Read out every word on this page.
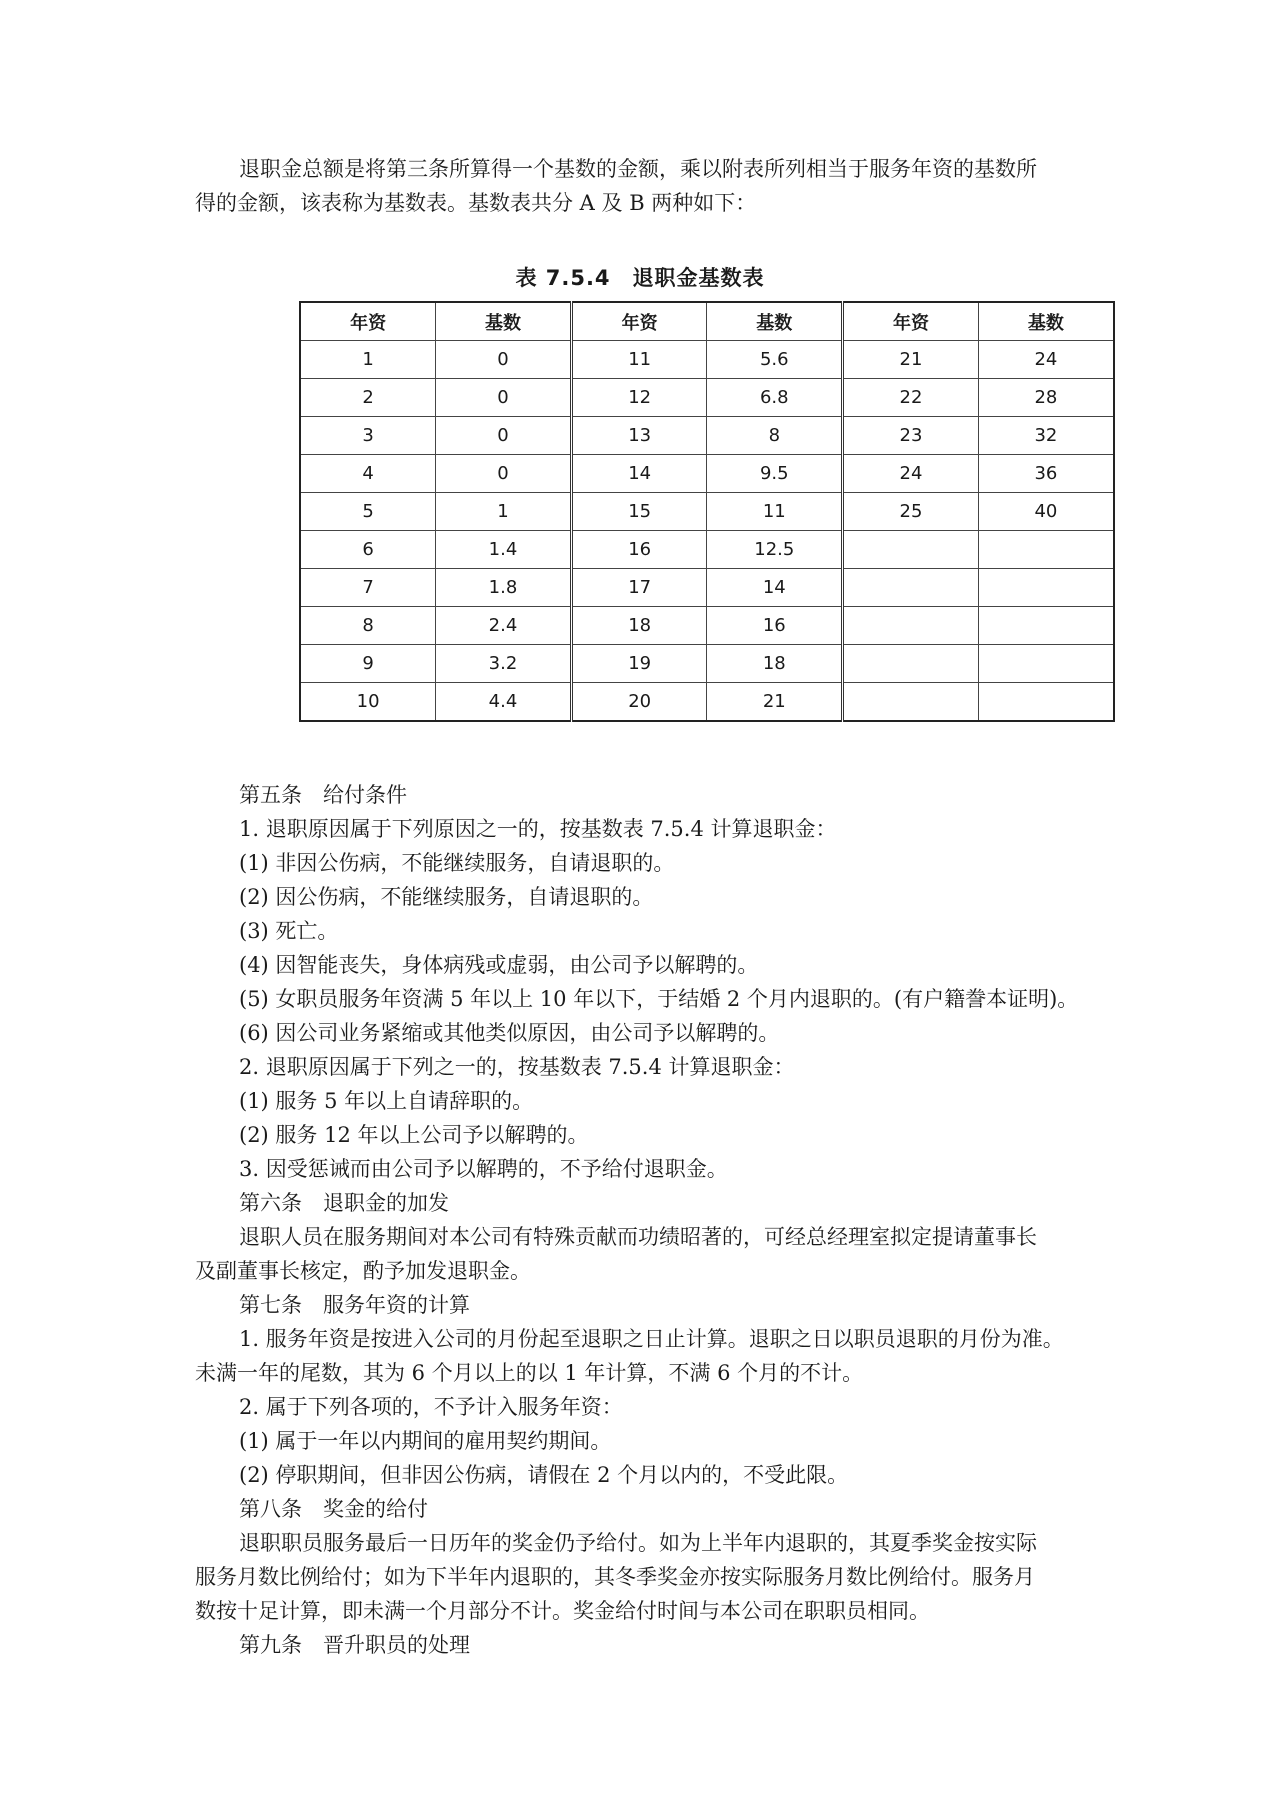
退职金总额是将第三条所算得一个基数的金额，乘以附表所列相当于服务年资的基数所

得的金额，该表称为基数表。基数表共分 A 及 B 两种如下：

表 7.5.4　退职金基数表
年资	基数	年资	基数	年资	基数
1	0	11	5.6	21	24
2	0	12	6.8	22	28
3	0	13	8	23	32
4	0	14	9.5	24	36
5	1	15	11	25	40
6	1.4	16	12.5		
7	1.8	17	14		
8	2.4	18	16		
9	3.2	19	18		
10	4.4	20	21		

第五条　给付条件

1. 退职原因属于下列原因之一的，按基数表 7.5.4 计算退职金：

(1) 非因公伤病，不能继续服务，自请退职的。

(2) 因公伤病，不能继续服务，自请退职的。

(3) 死亡。

(4) 因智能丧失，身体病残或虚弱，由公司予以解聘的。

(5) 女职员服务年资满 5 年以上 10 年以下，于结婚 2 个月内退职的。(有户籍誊本证明)。

(6) 因公司业务紧缩或其他类似原因，由公司予以解聘的。

2. 退职原因属于下列之一的，按基数表 7.5.4 计算退职金：

(1) 服务 5 年以上自请辞职的。

(2) 服务 12 年以上公司予以解聘的。

3. 因受惩诫而由公司予以解聘的，不予给付退职金。

第六条　退职金的加发

退职人员在服务期间对本公司有特殊贡献而功绩昭著的，可经总经理室拟定提请董事长

及副董事长核定，酌予加发退职金。

第七条　服务年资的计算

1. 服务年资是按进入公司的月份起至退职之日止计算。退职之日以职员退职的月份为准。

未满一年的尾数，其为 6 个月以上的以 1 年计算，不满 6 个月的不计。

2. 属于下列各项的，不予计入服务年资：

(1) 属于一年以内期间的雇用契约期间。

(2) 停职期间，但非因公伤病，请假在 2 个月以内的，不受此限。

第八条　奖金的给付

退职职员服务最后一日历年的奖金仍予给付。如为上半年内退职的，其夏季奖金按实际

服务月数比例给付；如为下半年内退职的，其冬季奖金亦按实际服务月数比例给付。服务月

数按十足计算，即未满一个月部分不计。奖金给付时间与本公司在职职员相同。

第九条　晋升职员的处理
